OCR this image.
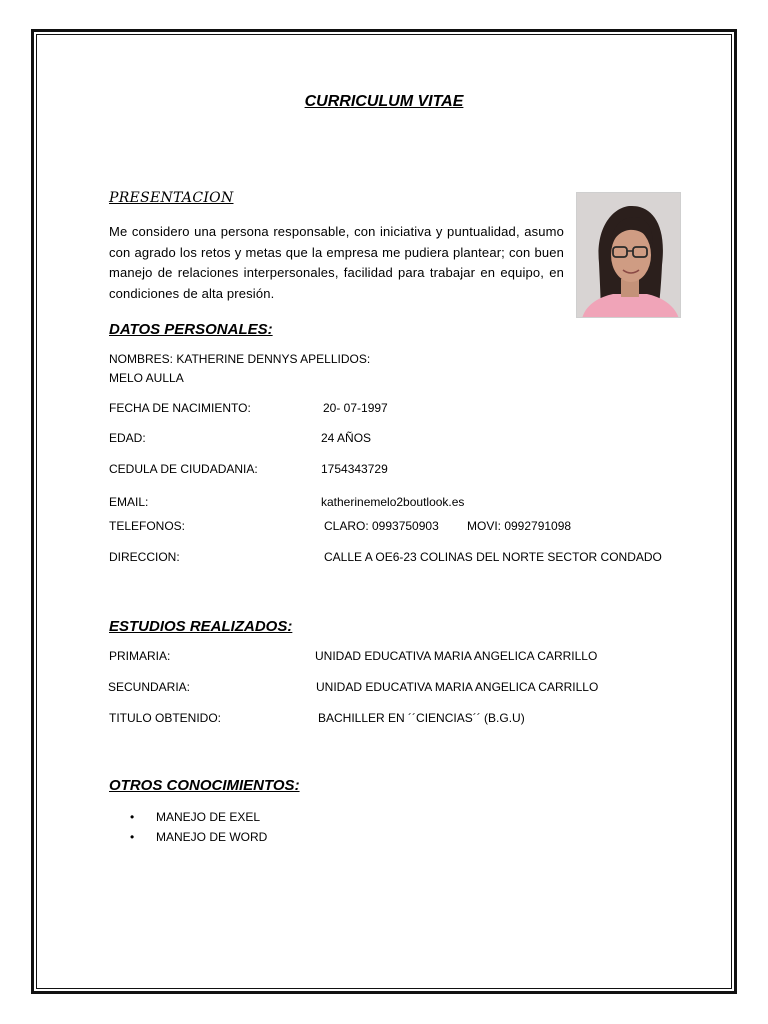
CURRICULUM VITAE
PRESENTACION
Me considero una persona responsable, con iniciativa y puntualidad, asumo con agrado los retos y metas que la empresa me pudiera plantear; con buen manejo de relaciones interpersonales, facilidad para trabajar en equipo, en condiciones de alta presión.
DATOS PERSONALES:
NOMBRES: KATHERINE DENNYS APELLIDOS:
MELO AULLA
FECHA DE NACIMIENTO:	20- 07-1997
EDAD:	24 AÑOS
CEDULA DE CIUDADANIA:	1754343729
EMAIL:	katherinemelo2boutlook.es
TELEFONOS:	CLARO: 0993750903 MOVI: 0992791098
DIRECCION:	CALLE A OE6-23 COLINAS DEL NORTE SECTOR CONDADO
ESTUDIOS REALIZADOS:
PRIMARIA:	UNIDAD EDUCATIVA MARIA ANGELICA CARRILLO
SECUNDARIA:	UNIDAD EDUCATIVA MARIA ANGELICA CARRILLO
TITULO OBTENIDO:	BACHILLER EN ´´CIENCIAS´´ (B.G.U)
OTROS CONOCIMIENTOS:
• MANEJO DE EXEL
• MANEJO DE WORD
